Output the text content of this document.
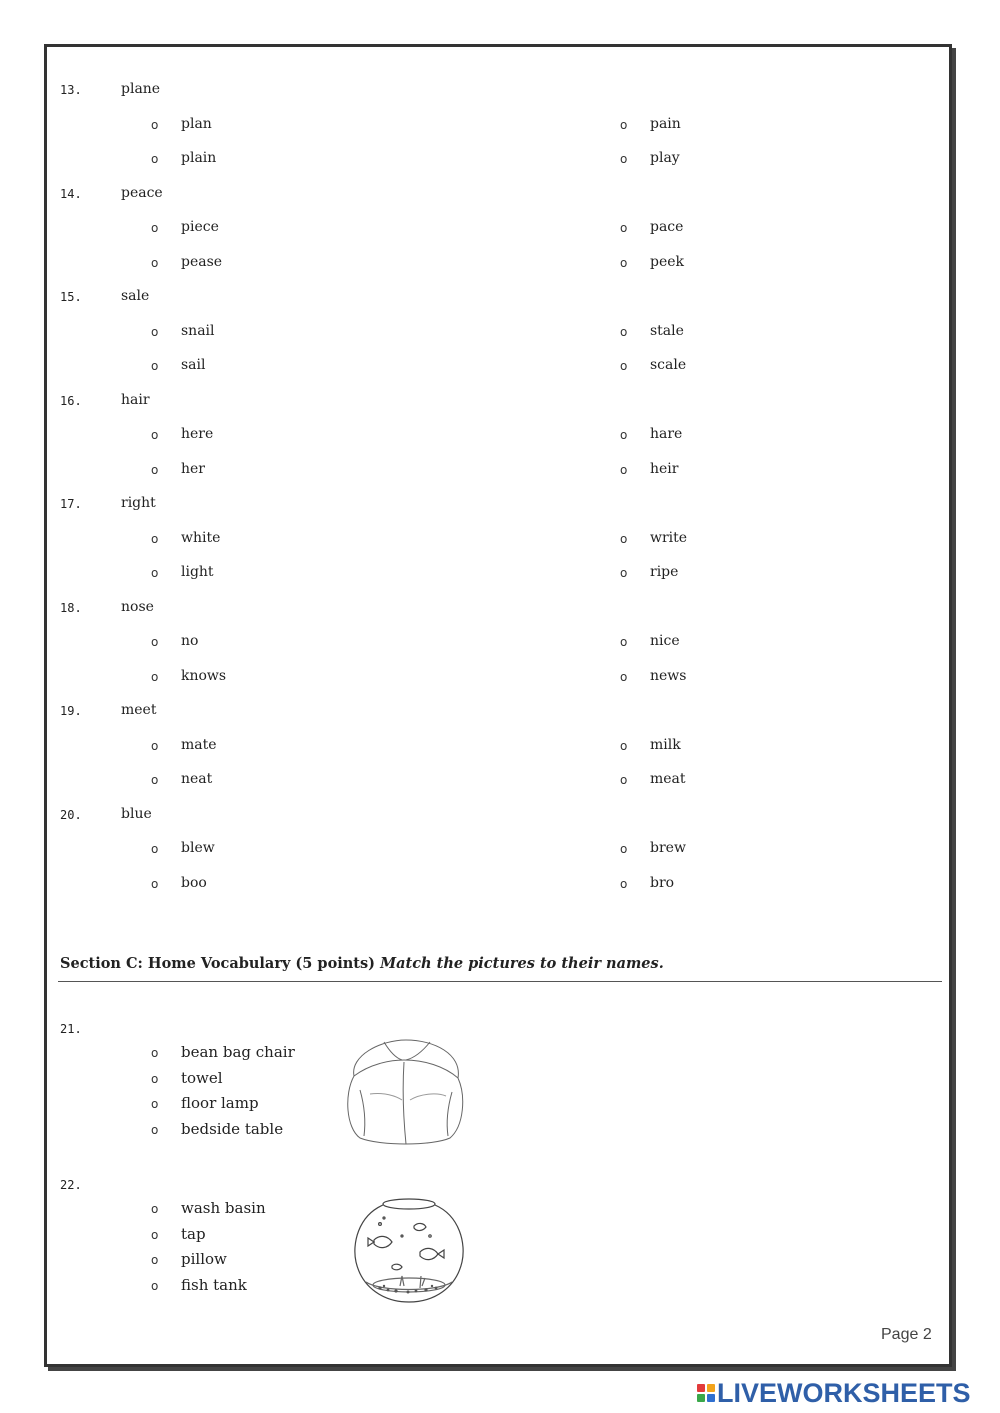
13.	plane
o plan	o pain
o plain	o play
14.	peace
o piece	o pace
o pease	o peek
15.	sale
o snail	o stale
o sail	o scale
16.	hair
o here	o hare
o her	o heir
17.	right
o white	o write
o light	o ripe
18.	nose
o no	o nice
o knows	o news
19.	meet
o mate	o milk
o neat	o meat
20.	blue
o blew	o brew
o boo	o bro
21.
o bean bag chair
o towel
o floor lamp
o bedside table
22.
o wash basin
o tap
o pillow
o fish tank
Section C: Home Vocabulary (5 points) Match the pictures to their names.
Page 2
LIVEWORKSHEETS
